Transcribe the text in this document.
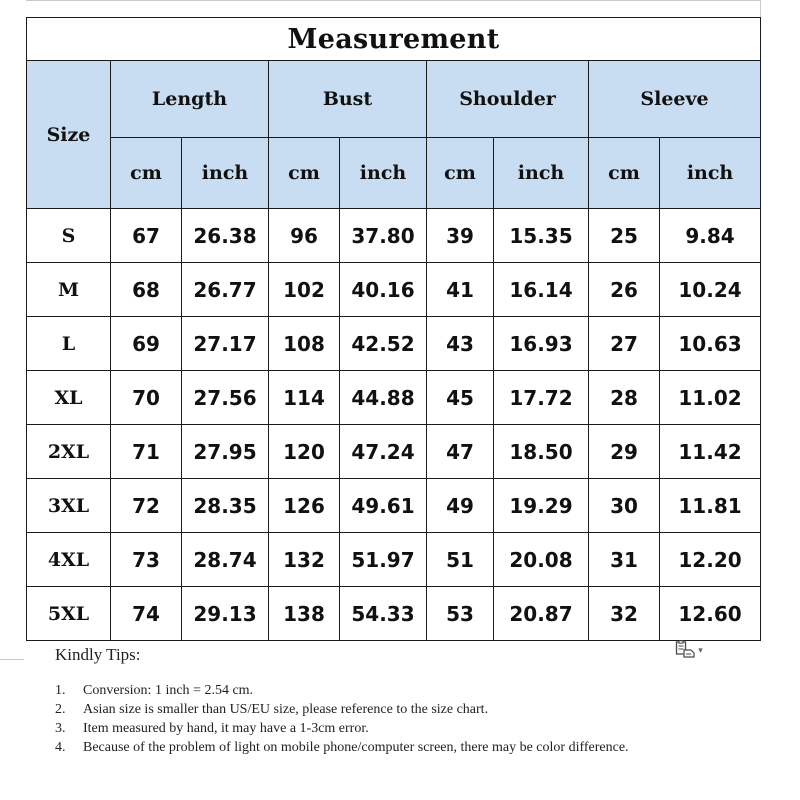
Measurement								
Size	Length		Bust		Shoulder		Sleeve	
	cm	inch	cm	inch	cm	inch	cm	inch
S	67	26.38	96	37.80	39	15.35	25	9.84
M	68	26.77	102	40.16	41	16.14	26	10.24
L	69	27.17	108	42.52	43	16.93	27	10.63
XL	70	27.56	114	44.88	45	17.72	28	11.02
2XL	71	27.95	120	47.24	47	18.50	29	11.42
3XL	72	28.35	126	49.61	49	19.29	30	11.81
4XL	73	28.74	132	51.97	51	20.08	31	12.20
5XL	74	29.13	138	54.33	53	20.87	32	12.60
▾

Kindly Tips:

1. Conversion: 1 inch = 2.54 cm.
2. Asian size is smaller than US/EU size, please reference to the size chart.
3. Item measured by hand, it may have a 1-3cm error.
4. Because of the problem of light on mobile phone/computer screen, there may be color difference.
